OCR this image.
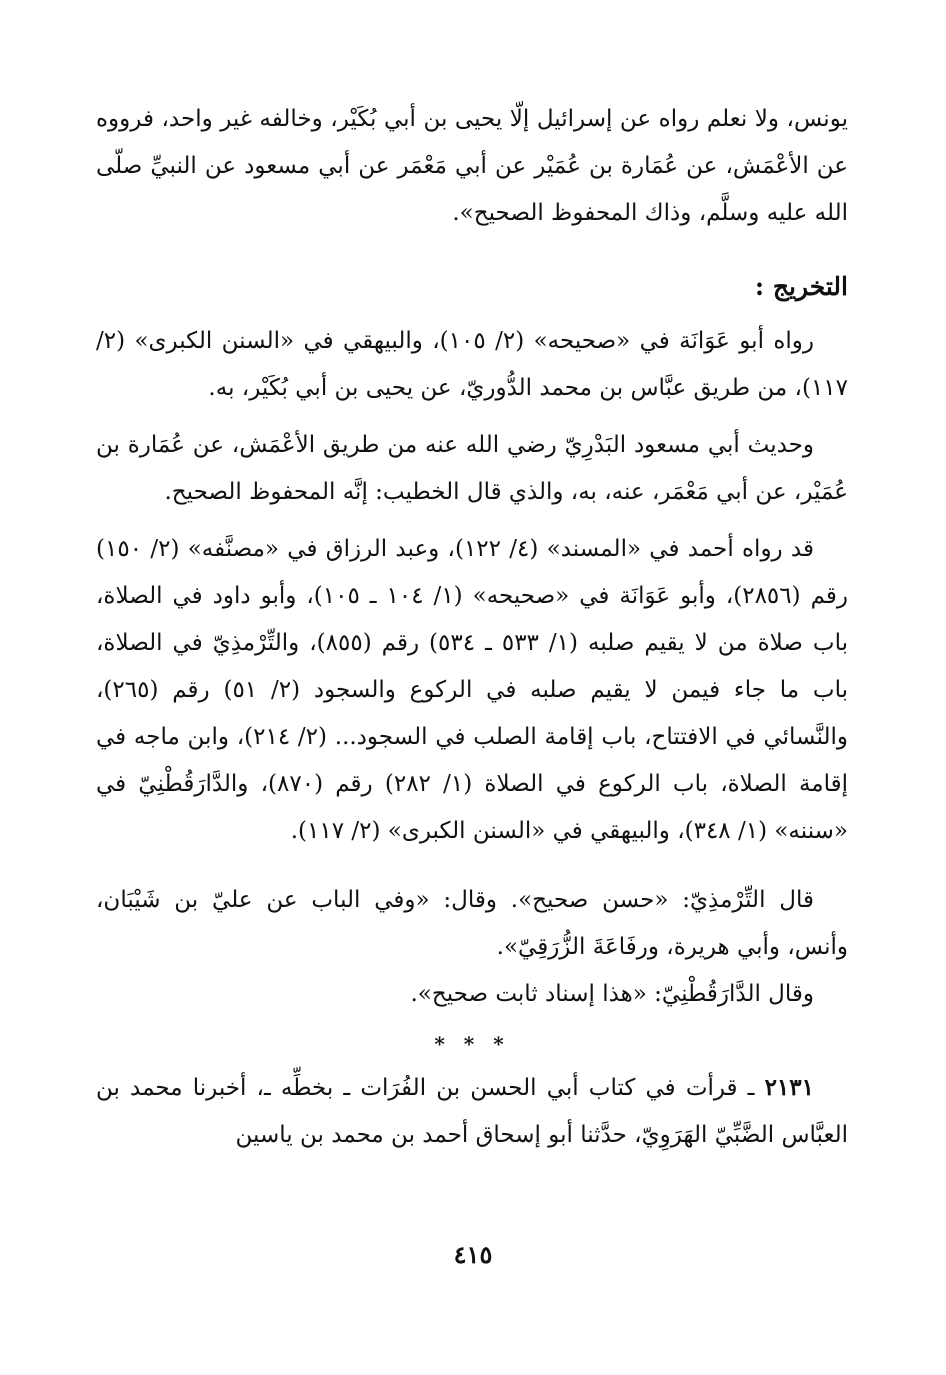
يونس، ولا نعلم رواه عن إسرائيل إلّا يحيى بن أبي بُكَيْر، وخالفه غير واحد، فرووه عن الأعْمَش، عن عُمَارة بن عُمَيْر عن أبي مَعْمَر عن أبي مسعود عن النبيِّ صلّى الله عليه وسلَّم، وذاك المحفوظ الصحيح».

التخريج :

رواه أبو عَوَانَة في «صحيحه» (٢/ ١٠٥)، والبيهقي في «السنن الكبرى» (٢/ ١١٧)، من طريق عبَّاس بن محمد الدُّوريّ، عن يحيى بن أبي بُكَيْر، به.

وحديث أبي مسعود البَدْرِيّ رضي الله عنه من طريق الأعْمَش، عن عُمَارة بن عُمَيْر، عن أبي مَعْمَر، عنه، به، والذي قال الخطيب: إنَّه المحفوظ الصحيح.

قد رواه أحمد في «المسند» (٤/ ١٢٢)، وعبد الرزاق في «مصنَّفه» (٢/ ١٥٠) رقم (٢٨٥٦)، وأبو عَوَانَة في «صحيحه» (١/ ١٠٤ ـ ١٠٥)، وأبو داود في الصلاة، باب صلاة من لا يقيم صلبه (١/ ٥٣٣ ـ ٥٣٤) رقم (٨٥٥)، والتِّرْمذِيّ في الصلاة، باب ما جاء فيمن لا يقيم صلبه في الركوع والسجود (٢/ ٥١) رقم (٢٦٥)، والنَّسائي في الافتتاح، باب إقامة الصلب في السجود... (٢/ ٢١٤)، وابن ماجه في إقامة الصلاة، باب الركوع في الصلاة (١/ ٢٨٢) رقم (٨٧٠)، والدَّارَقُطْنِيّ في «سننه» (١/ ٣٤٨)، والبيهقي في «السنن الكبرى» (٢/ ١١٧).

قال التِّرْمذِيّ: «حسن صحيح». وقال: «وفي الباب عن عليّ بن شَيْبَان، وأنس، وأبي هريرة، ورفَاعَةَ الزُّرَقِيّ».

وقال الدَّارَقُطْنِيّ: «هذا إسناد ثابت صحيح».

* * *

٢١٣١ ـ قرأت في كتاب أبي الحسن بن الفُرَات ـ بخطِّه ـ، أخبرنا محمد بن العبَّاس الضَّبِّيّ الهَرَوِيّ، حدَّثنا أبو إسحاق أحمد بن محمد بن ياسين

٤١٥
